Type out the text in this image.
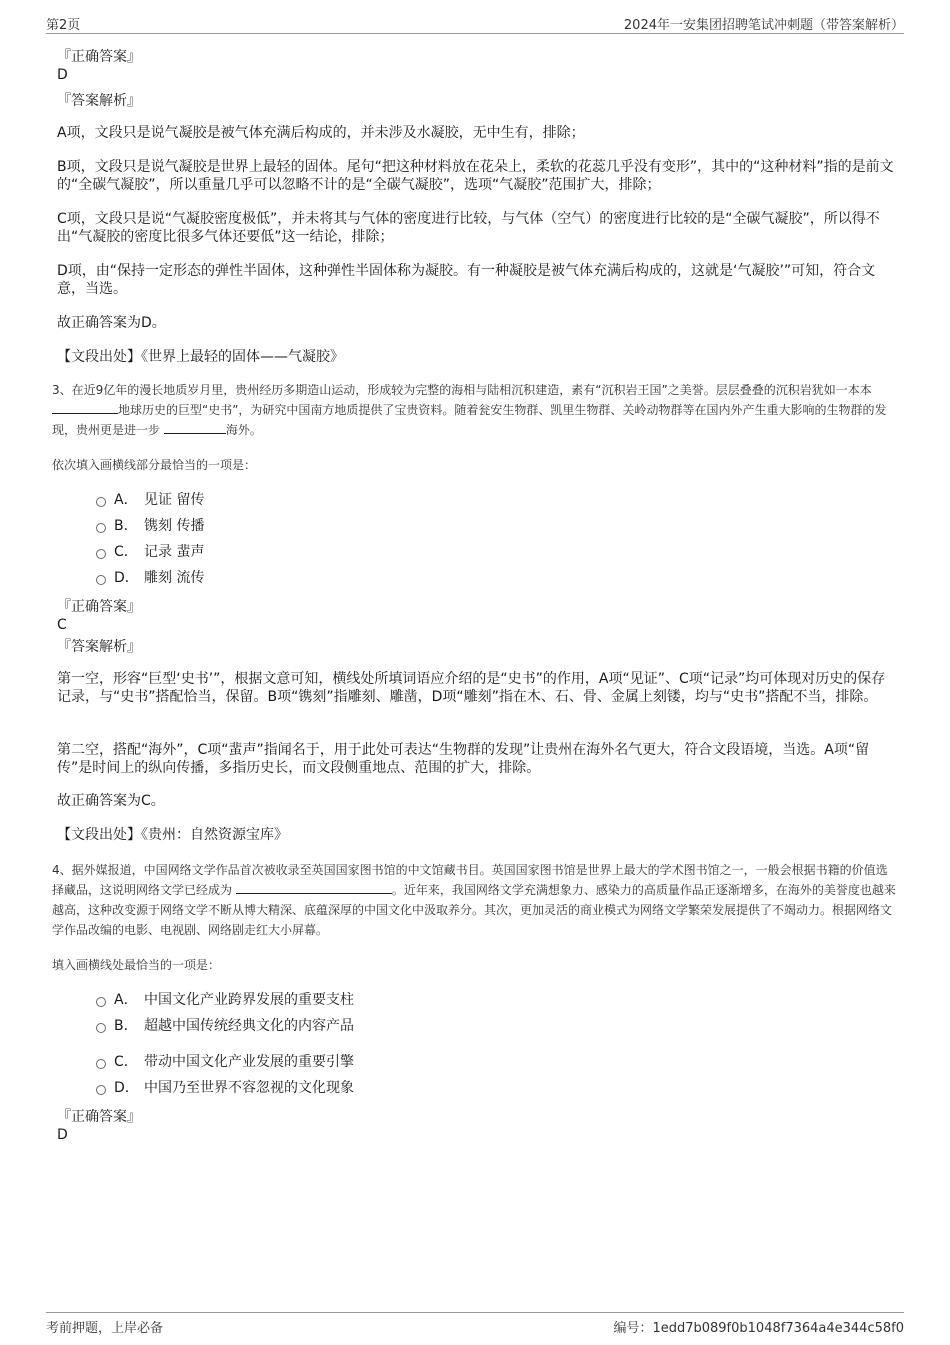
第2页	2024年一安集团招聘笔试冲刺题（带答案解析）
『正确答案』
D
『答案解析』
A项，文段只是说气凝胶是被气体充满后构成的，并未涉及水凝胶，无中生有，排除；
B项，文段只是说气凝胶是世界上最轻的固体。尾句“把这种材料放在花朵上，柔软的花蕊几乎没有变形”，其中的“这种材料”指的是前文的“全碳气凝胶”，所以重量几乎可以忽略不计的是“全碳气凝胶”，选项“气凝胶”范围扩大，排除；
C项，文段只是说“气凝胶密度极低”，并未将其与气体的密度进行比较，与气体（空气）的密度进行比较的是“全碳气凝胶”，所以得不出“气凝胶的密度比很多气体还要低”这一结论，排除；
D项，由“保持一定形态的弹性半固体，这种弹性半固体称为凝胶。有一种凝胶是被气体充满后构成的，这就是‘气凝胶’”可知，符合文意，当选。
故正确答案为D。
【文段出处】《世界上最轻的固体——气凝胶》
3、在近9亿年的漫长地质岁月里，贵州经历多期造山运动，形成较为完整的海相与陆相沉积建造，素有“沉积岩王国”之美誉。层层叠叠的沉积岩犹如一本本 地球历史的巨型“史书”，为研究中国南方地质提供了宝贵资料。随着瓮安生物群、凯里生物群、关岭动物群等在国内外产生重大影响的生物群的发现，贵州更是进一步	海外。
依次填入画横线部分最恰当的一项是：
A． 见证 留传
B． 镌刻 传播
C． 记录 蜚声
D． 雕刻 流传
『正确答案』
C
『答案解析』
第一空，形容“巨型‘史书’”，根据文意可知，横线处所填词语应介绍的是“史书”的作用，A项“见证”、C项“记录”均可体现对历史的保存记录，与“史书”搭配恰当，保留。B项“镌刻”指雕刻、雕凿，D项“雕刻”指在木、石、骨、金属上刻镂，均与“史书”搭配不当，排除。
第二空，搭配“海外”，C项“蜚声”指闻名于，用于此处可表达“生物群的发现”让贵州在海外名气更大，符合文段语境，当选。A项“留传”是时间上的纵向传播，多指历史长，而文段侧重地点、范围的扩大，排除。
故正确答案为C。
【文段出处】《贵州：自然资源宝库》
4、据外媒报道，中国网络文学作品首次被收录至英国国家图书馆的中文馆藏书目。英国国家图书馆是世界上最大的学术图书馆之一，一般会根据书籍的价值选择藏品，这说明网络文学已经成为	。近年来，我国网络文学充满想象力、感染力的高质量作品正逐渐增多，在海外的美誉度也越来越高，这种改变源于网络文学不断从博大精深、底蕴深厚的中国文化中汲取养分。其次，更加灵活的商业模式为网络文学繁荣发展提供了不竭动力。根据网络文学作品改编的电影、电视剧、网络剧走红大小屏幕。
填入画横线处最恰当的一项是：
A． 中国文化产业跨界发展的重要支柱
B． 超越中国传统经典文化的内容产品
C． 带动中国文化产业发展的重要引擎
D． 中国乃至世界不容忽视的文化现象
『正确答案』
D
考前押题，上岸必备	编号：1edd7b089f0b1048f7364a4e344c58f0
